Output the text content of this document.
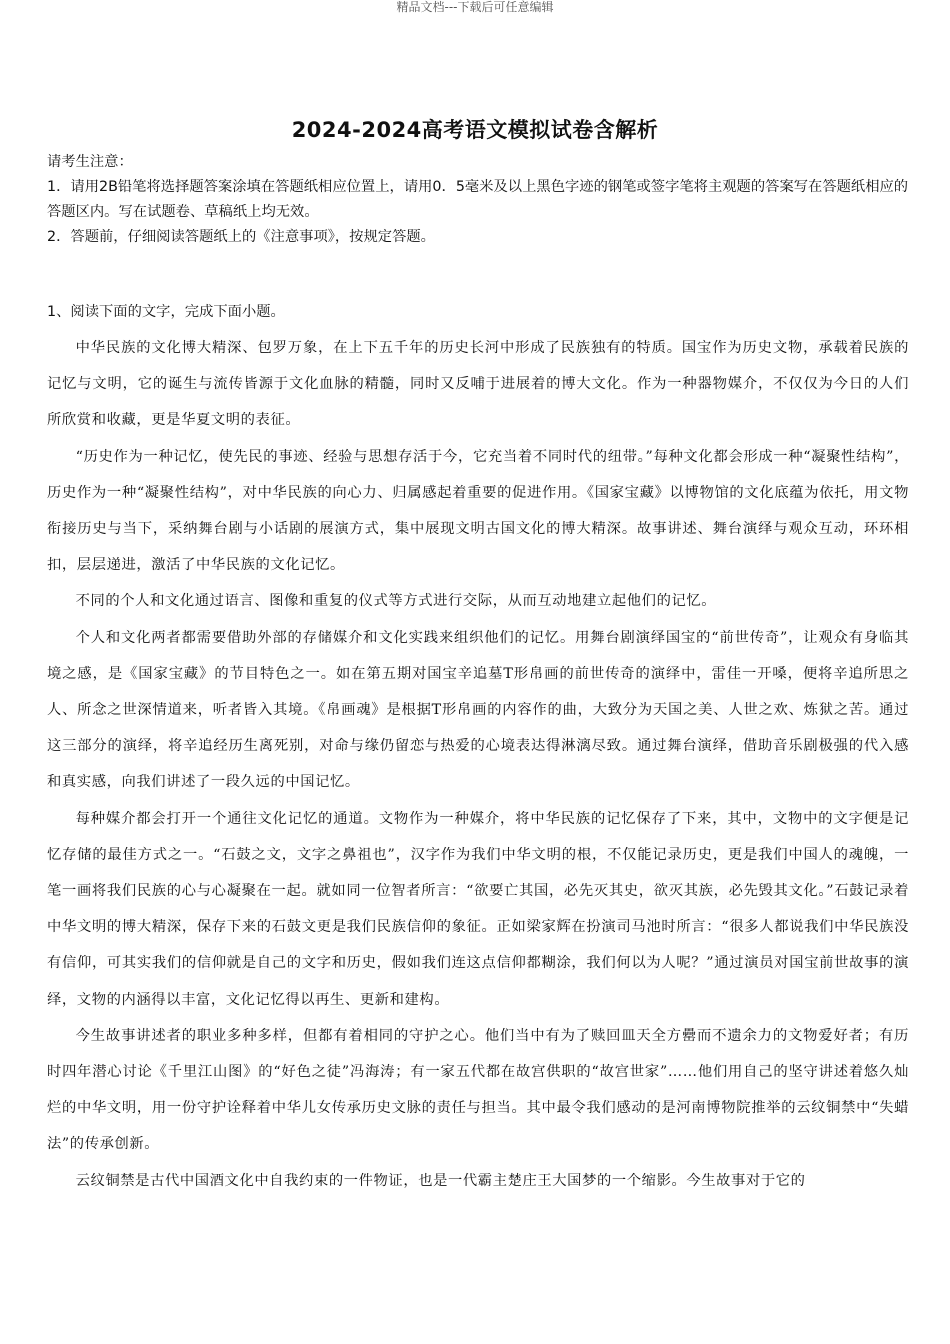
精品文档---下载后可任意编辑
2024-2024高考语文模拟试卷含解析

请考生注意：

1．请用2B铅笔将选择题答案涂填在答题纸相应位置上，请用0．5毫米及以上黑色字迹的钢笔或签字笔将主观题的答案写在答题纸相应的答题区内。写在试题卷、草稿纸上均无效。

2．答题前，仔细阅读答题纸上的《注意事项》，按规定答题。

1、阅读下面的文字，完成下面小题。

中华民族的文化博大精深、包罗万象，在上下五千年的历史长河中形成了民族独有的特质。国宝作为历史文物，承载着民族的记忆与文明，它的诞生与流传皆源于文化血脉的精髓，同时又反哺于进展着的博大文化。作为一种器物媒介，不仅仅为今日的人们所欣赏和收藏，更是华夏文明的表征。

“历史作为一种记忆，使先民的事迹、经验与思想存活于今，它充当着不同时代的纽带。”每种文化都会形成一种“凝聚性结构”，历史作为一种“凝聚性结构”，对中华民族的向心力、归属感起着重要的促进作用。《国家宝藏》以博物馆的文化底蕴为依托，用文物衔接历史与当下，采纳舞台剧与小话剧的展演方式，集中展现文明古国文化的博大精深。故事讲述、舞台演绎与观众互动，环环相扣，层层递进，激活了中华民族的文化记忆。

不同的个人和文化通过语言、图像和重复的仪式等方式进行交际，从而互动地建立起他们的记忆。

个人和文化两者都需要借助外部的存储媒介和文化实践来组织他们的记忆。用舞台剧演绎国宝的“前世传奇”，让观众有身临其境之感，是《国家宝藏》的节目特色之一。如在第五期对国宝辛追墓T形帛画的前世传奇的演绎中，雷佳一开嗓，便将辛追所思之人、所念之世深情道来，听者皆入其境。《帛画魂》是根据T形帛画的内容作的曲，大致分为天国之美、人世之欢、炼狱之苦。通过这三部分的演绎，将辛追经历生离死别，对命与缘仍留恋与热爱的心境表达得淋漓尽致。通过舞台演绎，借助音乐剧极强的代入感和真实感，向我们讲述了一段久远的中国记忆。

每种媒介都会打开一个通往文化记忆的通道。文物作为一种媒介，将中华民族的记忆保存了下来，其中，文物中的文字便是记忆存储的最佳方式之一。“石鼓之文，文字之鼻祖也”，汉字作为我们中华文明的根，不仅能记录历史，更是我们中国人的魂魄，一笔一画将我们民族的心与心凝聚在一起。就如同一位智者所言：“欲要亡其国，必先灭其史，欲灭其族，必先毁其文化。”石鼓记录着中华文明的博大精深，保存下来的石鼓文更是我们民族信仰的象征。正如梁家辉在扮演司马池时所言：“很多人都说我们中华民族没有信仰，可其实我们的信仰就是自己的文字和历史，假如我们连这点信仰都糊涂，我们何以为人呢？”通过演员对国宝前世故事的演绎，文物的内涵得以丰富，文化记忆得以再生、更新和建构。

今生故事讲述者的职业多种多样，但都有着相同的守护之心。他们当中有为了赎回皿天全方罍而不遗余力的文物爱好者；有历时四年潜心讨论《千里江山图》的“好色之徒”冯海涛；有一家五代都在故宫供职的“故宫世家”……他们用自己的坚守讲述着悠久灿烂的中华文明，用一份守护诠释着中华儿女传承历史文脉的责任与担当。其中最令我们感动的是河南博物院推举的云纹铜禁中“失蜡法”的传承创新。

云纹铜禁是古代中国酒文化中自我约束的一件物证，也是一代霸主楚庄王大国梦的一个缩影。今生故事对于它的
